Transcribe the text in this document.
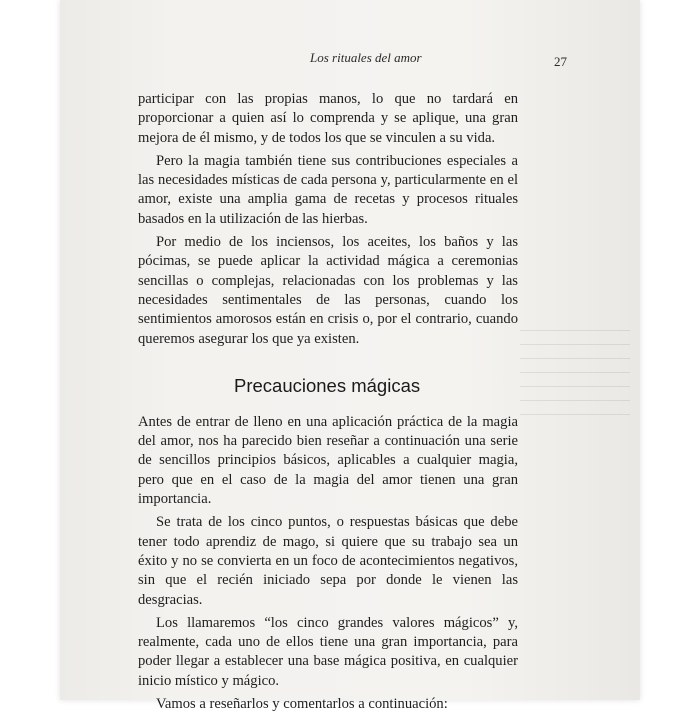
Los rituales del amor	27

participar con las propias manos, lo que no tardará en proporcionar a quien así lo comprenda y se aplique, una gran mejora de él mismo, y de todos los que se vinculen a su vida.

Pero la magia también tiene sus contribuciones especiales a las necesidades místicas de cada persona y, particularmente en el amor, existe una amplia gama de recetas y procesos rituales basados en la utilización de las hierbas.

Por medio de los inciensos, los aceites, los baños y las pócimas, se puede aplicar la actividad mágica a ceremonias sencillas o complejas, relacionadas con los problemas y las necesidades sentimentales de las personas, cuando los sentimientos amorosos están en crisis o, por el contrario, cuando queremos asegurar los que ya existen.

Precauciones mágicas

Antes de entrar de lleno en una aplicación práctica de la magia del amor, nos ha parecido bien reseñar a continuación una serie de sencillos principios básicos, aplicables a cualquier magia, pero que en el caso de la magia del amor tienen una gran importancia.

Se trata de los cinco puntos, o respuestas básicas que debe tener todo aprendiz de mago, si quiere que su trabajo sea un éxito y no se convierta en un foco de acontecimientos negativos, sin que el recién iniciado sepa por donde le vienen las desgracias.

Los llamaremos “los cinco grandes valores mágicos” y, realmente, cada uno de ellos tiene una gran importancia, para poder llegar a establecer una base mágica positiva, en cualquier inicio místico y mágico.

Vamos a reseñarlos y comentarlos a continuación:
